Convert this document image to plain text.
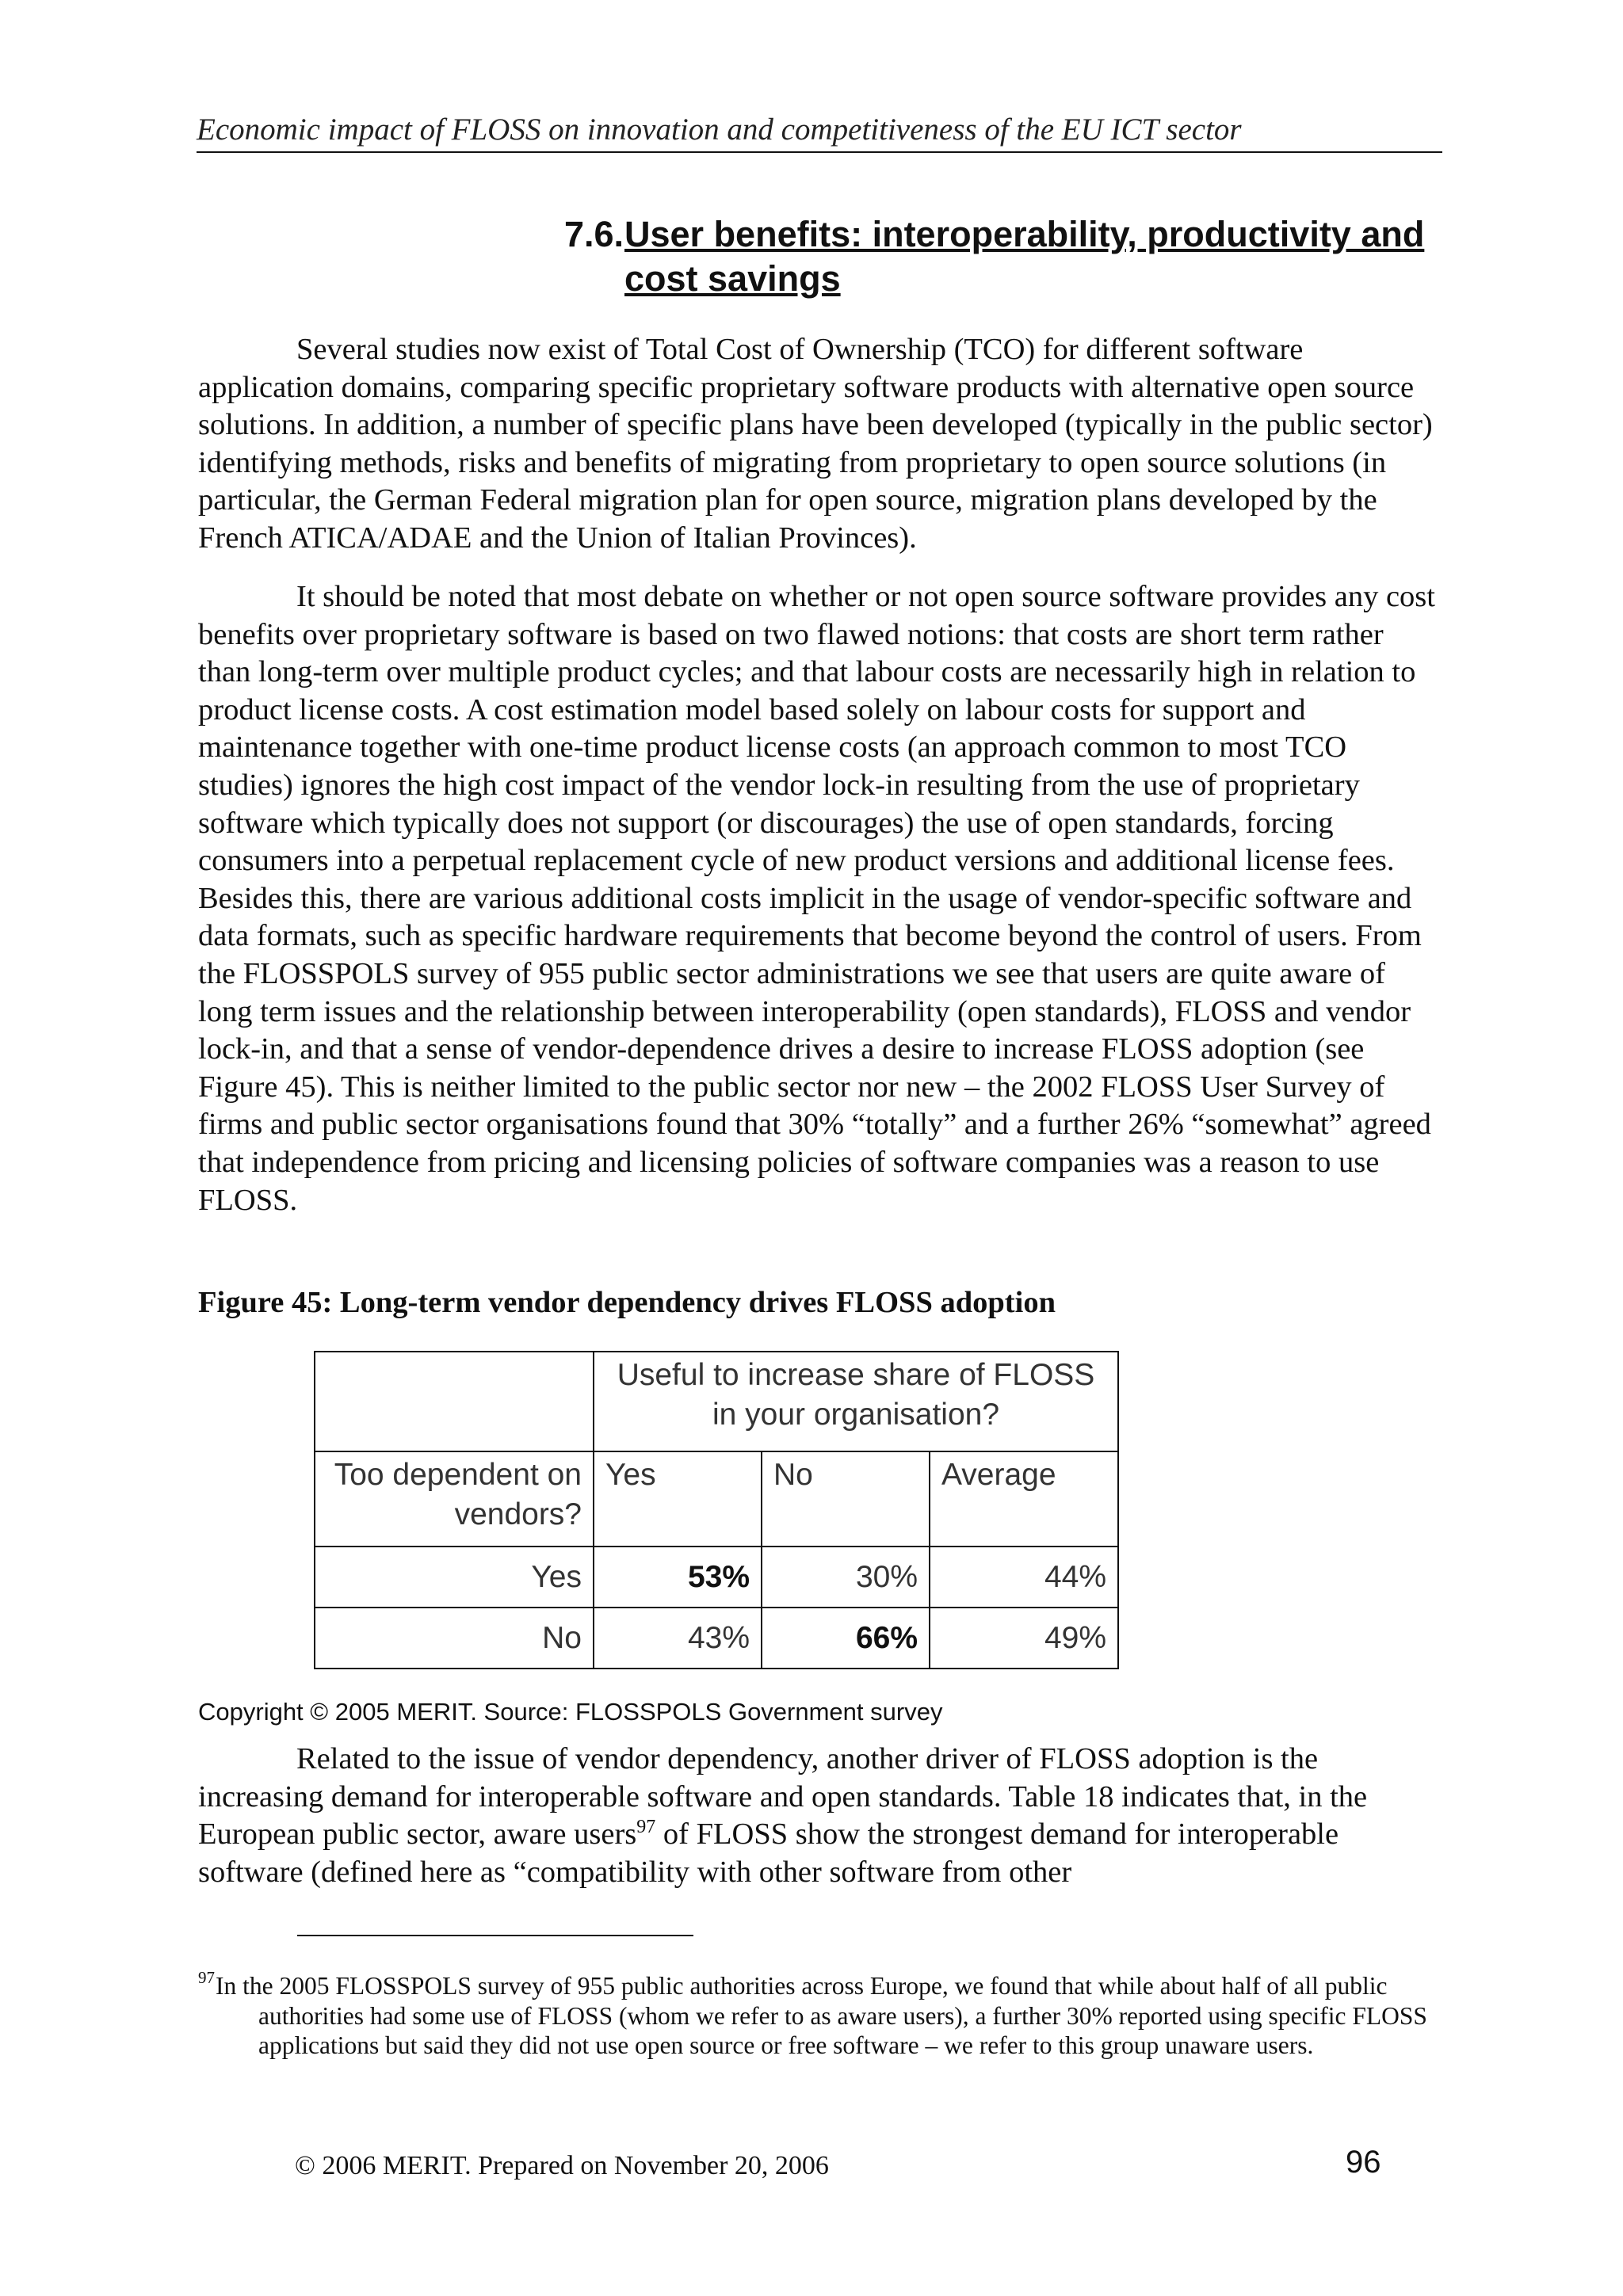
Economic impact of FLOSS on innovation and competitiveness of the EU ICT sector
7.6. User benefits: interoperability, productivity and cost savings

Several studies now exist of Total Cost of Ownership (TCO) for different software application domains, comparing specific proprietary software products with alternative open source solutions. In addition, a number of specific plans have been developed (typically in the public sector) identifying methods, risks and benefits of migrating from proprietary to open source solutions (in particular, the German Federal migration plan for open source, migration plans developed by the French ATICA/ADAE and the Union of Italian Provinces).

It should be noted that most debate on whether or not open source software provides any cost benefits over proprietary software is based on two flawed notions: that costs are short term rather than long-term over multiple product cycles; and that labour costs are necessarily high in relation to product license costs. A cost estimation model based solely on labour costs for support and maintenance together with one-time product license costs (an approach common to most TCO studies) ignores the high cost impact of the vendor lock-in resulting from the use of proprietary software which typically does not support (or discourages) the use of open standards, forcing consumers into a perpetual replacement cycle of new product versions and additional license fees. Besides this, there are various additional costs implicit in the usage of vendor-specific software and data formats, such as specific hardware requirements that become beyond the control of users. From the FLOSSPOLS survey of 955 public sector administrations we see that users are quite aware of long term issues and the relationship between interoperability (open standards), FLOSS and vendor lock-in, and that a sense of vendor-dependence drives a desire to increase FLOSS adoption (see Figure 45). This is neither limited to the public sector nor new – the 2002 FLOSS User Survey of firms and public sector organisations found that 30% “totally” and a further 26% “somewhat” agreed that independence from pricing and licensing policies of software companies was a reason to use FLOSS.

Figure 45: Long-term vendor dependency drives FLOSS adoption
	Useful to increase share of FLOSS in your organisation?		
Too dependent on vendors?	Yes	No	Average
Yes	53%	30%	44%
No	43%	66%	49%
Copyright © 2005 MERIT. Source: FLOSSPOLS Government survey

Related to the issue of vendor dependency, another driver of FLOSS adoption is the increasing demand for interoperable software and open standards. Table 18 indicates that, in the European public sector, aware users$^{97}$ of FLOSS show the strongest demand for interoperable software (defined here as “compatibility with other software from other

97 In the 2005 FLOSSPOLS survey of 955 public authorities across Europe, we found that while about half of all public authorities had some use of FLOSS (whom we refer to as aware users), a further 30% reported using specific FLOSS applications but said they did not use open source or free software – we refer to this group unaware users.
© 2006 MERIT. Prepared on November 20, 2006	96
